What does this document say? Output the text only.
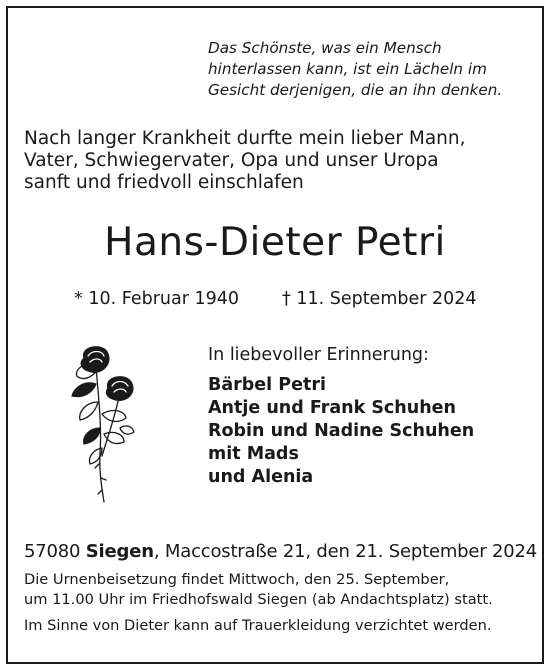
Das Schönste, was ein Mensch
hinterlassen kann, ist ein Lächeln im
Gesicht derjenigen, die an ihn denken.
Nach langer Krankheit durfte mein lieber Mann,
Vater, Schwiegervater, Opa und unser Uropa
sanft und friedvoll einschlafen
Hans-Dieter Petri
* 10. Februar 1940 † 11. September 2024
In liebevoller Erinnerung:
Bärbel Petri
Antje und Frank Schuhen
Robin und Nadine Schuhen
mit Mads
und Alenia
57080 Siegen, Maccostraße 21, den 21. September 2024
Die Urnenbeisetzung findet Mittwoch, den 25. September,
um 11.00 Uhr im Friedhofswald Siegen (ab Andachtsplatz) statt.
Im Sinne von Dieter kann auf Trauerkleidung verzichtet werden.
